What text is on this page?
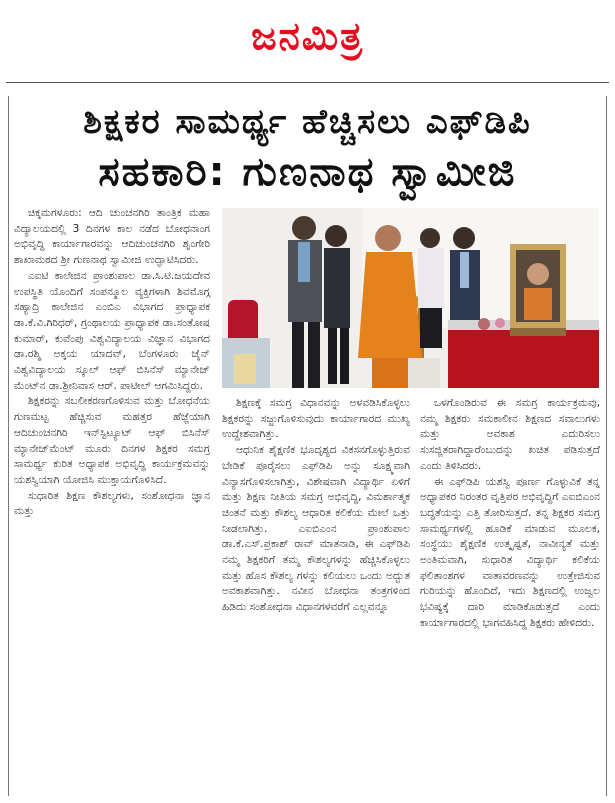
ಜನಮಿತ್ರ
ಶಿಕ್ಷಕರ ಸಾಮರ್ಥ್ಯ ಹೆಚ್ಚಿಸಲು ಎಫ್‌ಡಿಪಿ
ಸಹಕಾರಿ: ಗುಣನಾಥ ಸ್ವಾಮೀಜಿ

ಚಿಕ್ಕಮಗಳೂರು: ಆದಿ ಚುಂಚನಗಿರಿ ತಾಂತ್ರಿಕ ಮಹಾ ವಿದ್ಯಾಲಯದಲ್ಲಿ 3 ದಿನಗಳ ಕಾಲ ನಡೆದ ಬೋಧನಾಂಗ ಅಭಿವೃದ್ಧಿ ಕಾರ್ಯಾಗಾರವನ್ನು ಆದಿಚುಂಚನಗಿರಿ ಶೃಂಗೇರಿ ಶಾಖಾಮಠದ ಶ್ರೀ ಗುಣನಾಥ ಸ್ವಾಮೀಜಿ ಉದ್ಘಾಟಿಸಿದರು.

ಎಐಟಿ ಕಾಲೇಜಿನ ಪ್ರಾಂಶುಪಾಲ ಡಾ.ಸಿ.ಟಿ.ಜಯದೇವ ಉಪಸ್ಥಿತಿ ಯೊಂದಿಗೆ ಸಂಪನ್ಮೂಲ ವ್ಯಕ್ತಿಗಳಾಗಿ ಶಿವಮೊಗ್ಗ ಸಹ್ಯಾದ್ರಿ ಕಾಲೇಜಿನ ಎಂಬಿಎ ವಿಭಾಗದ ಪ್ರಾಧ್ಯಾಪಕ ಡಾ.ಕೆ.ವಿ.ಗಿರಿಧರ್, ಗ್ರಂಥಾಲಯ ಪ್ರಾಧ್ಯಾಪಕ ಡಾ.ಸಂತೋಷ ಕುಮಾರ್, ಕುವೆಂಪು ವಿಶ್ವವಿದ್ಯಾಲಯ ವಿಜ್ಞಾನ ವಿಭಾಗದ ಡಾ.ರಶ್ಮಿ ಅಕ್ಕಯ ಯಾದವ್, ಬೆಂಗಳೂರು ಜೈನ್ ವಿಶ್ವವಿದ್ಯಾಲಯ ಸ್ಕೂಲ್ ಆಫ್ ಬಿಸಿನೆಸ್ ಮ್ಯಾನೇಜ್ ಮೆಂಟ್‌ನ ಡಾ.ಶ್ರೀನಿವಾಸ ಆರ್. ಪಾಟೀಲ್ ಆಗಮಿಸಿದ್ದರು.

ಶಿಕ್ಷಕರನ್ನು ಸಬಲೀಕರಣಗೊಳಿಸುವ ಮತ್ತು ಬೋಧನೆಯ ಗುಣಮಟ್ಟ ಹೆಚ್ಚಿಸುವ ಮಹತ್ತರ ಹೆಜ್ಜೆಯಾಗಿ ಆದಿಚುಂಚನಗಿರಿ ಇನ್‌ಸ್ಟಿಟ್ಯೂಟ್ ಆಫ್ ಬಿಸಿನೆಸ್ ಮ್ಯಾನೇಜ್‌ಮೆಂಟ್ ಮೂರು ದಿನಗಳ ಶಿಕ್ಷಕರ ಸಮಗ್ರ ಸಾಮರ್ಥ್ಯ ಕುರಿತ ಅಧ್ಯಾಪಕ ಅಭಿವೃದ್ಧಿ ಕಾರ್ಯಕ್ರಮವನ್ನು ಯಶಸ್ವಿಯಾಗಿ ಯೋಜಿಸಿ ಮುಕ್ತಾಯಗೊಳಿಸಿದೆ.

ಸುಧಾರಿತ ಶಿಕ್ಷಣ ಕೌಶಲ್ಯಗಳು, ಸಂಶೋಧನಾ ಜ್ಞಾನ ಮತ್ತು

ಶಿಕ್ಷಣಕ್ಕೆ ಸಮಗ್ರ ವಿಧಾನವನ್ನು ಅಳವಡಿಸಿಕೊಳ್ಳಲು ಶಿಕ್ಷಕರನ್ನು ಸಜ್ಜುಗೊಳಿಸುವುದು ಕಾರ್ಯಾಗಾರದ ಮುಖ್ಯ ಉದ್ದೇಶವಾಗಿತ್ತು.

ಆಧುನಿಕ ಶೈಕ್ಷಣಿಕ ಭೂದೃಶ್ಯದ ವಿಕಸನಗೊಳ್ಳುತ್ತಿರುವ ಬೇಡಿಕೆ ಪೂರೈಸಲು ಎಫ್‌ಡಿಪಿ ಅನ್ನು ಸೂಕ್ಷ್ಮವಾಗಿ ವಿನ್ಯಾಸಗೊಳಿಸಲಾಗಿತ್ತು, ವಿಶೇಷವಾಗಿ ವಿದ್ಯಾರ್ಥಿ ಏಳಿಗೆ ಮತ್ತು ಶಿಕ್ಷಣ ನೀತಿಯ ಸಮಗ್ರ ಅಭಿವೃದ್ಧಿ, ವಿಮರ್ಶಾತ್ಮಕ ಚಿಂತನೆ ಮತ್ತು ಕೌಶಲ್ಯ ಆಧಾರಿತ ಕಲಿಕೆಯ ಮೇಲೆ ಒತ್ತು ನೀಡಲಾಗಿತ್ತು. ಎಐಬಿಎಂನ ಪ್ರಾಂಶುಪಾಲ ಡಾ.ಕೆ.ಎಸ್.ಪ್ರಕಾಶ್ ರಾವ್ ಮಾತನಾಡಿ, ಈ ಎಫ್‌ಡಿಪಿ ನಮ್ಮ ಶಿಕ್ಷಕರಿಗೆ ತಮ್ಮ ಕೌಶಲ್ಯಗಳನ್ನು ಹೆಚ್ಚಿಸಿಕೊಳ್ಳಲು ಮತ್ತು ಹೊಸ ಕೌಶಲ್ಯ ಗಳನ್ನು ಕಲಿಯಲು ಒಂದು ಅದ್ಭುತ ಅವಕಾಶವಾಗಿತ್ತು. ನವೀನ ಬೋಧನಾ ತಂತ್ರಗಳಿಂದ ಹಿಡಿದು ಸಂಶೋಧನಾ ವಿಧಾನಗಳವರೆಗೆ ಎಲ್ಲವನ್ನೂ

ಒಳಗೊಂಡಿರುವ ಈ ಸಮಗ್ರ ಕಾರ್ಯಕ್ರಮವು, ನಮ್ಮ ಶಿಕ್ಷಕರು ಸಮಕಾಲೀನ ಶಿಕ್ಷಣದ ಸವಾಲುಗಳು ಮತ್ತು ಅವಕಾಶ ಎದುರಿಸಲು ಸುಸಜ್ಜಿತರಾಗಿದ್ದಾರೆಂಬುದನ್ನು ಖಚಿತ ಪಡಿಸುತ್ತದೆ ಎಂದು ತಿಳಿಸಿದರು.

ಈ ಎಫ್‌ಡಿಪಿ ಯಶಸ್ವಿ ಪೂರ್ಣ ಗೊಳ್ಳುವಿಕೆ ತನ್ನ ಅಧ್ಯಾಪಕರ ನಿರಂತರ ವೃತ್ತಿಪರ ಅಭಿವೃದ್ಧಿಗೆ ಎಐಬಿಎಂನ ಬದ್ಧತೆಯನ್ನು ಎತ್ತಿ ತೋರಿಸುತ್ತದೆ. ತನ್ನ ಶಿಕ್ಷಕರ ಸಮಗ್ರ ಸಾಮರ್ಥ್ಯಗಳಲ್ಲಿ ಹೂಡಿಕೆ ಮಾಡುವ ಮೂಲಕ, ಸಂಸ್ಥೆಯು ಶೈಕ್ಷಣಿಕ ಉತ್ಕೃಷ್ಟತೆ, ನಾವೀನ್ಯತೆ ಮತ್ತು ಅಂತಿಮವಾಗಿ, ಸುಧಾರಿತ ವಿದ್ಯಾರ್ಥಿ ಕಲಿಕೆಯ ಫಲಿತಾಂಶಗಳ ವಾತಾವರಣವನ್ನು ಉತ್ತೇಜಿಸುವ ಗುರಿಯನ್ನು ಹೊಂದಿದೆ, ಇದು ಶಿಕ್ಷಣದಲ್ಲಿ ಉಜ್ವಲ ಭವಿಷ್ಯಕ್ಕೆ ದಾರಿ ಮಾಡಿಕೊಡುತ್ತದೆ ಎಂದು ಕಾರ್ಯಾಗಾರದಲ್ಲಿ ಭಾಗವಹಿಸಿದ್ದ ಶಿಕ್ಷಕರು ಹೇಳಿದರು.
